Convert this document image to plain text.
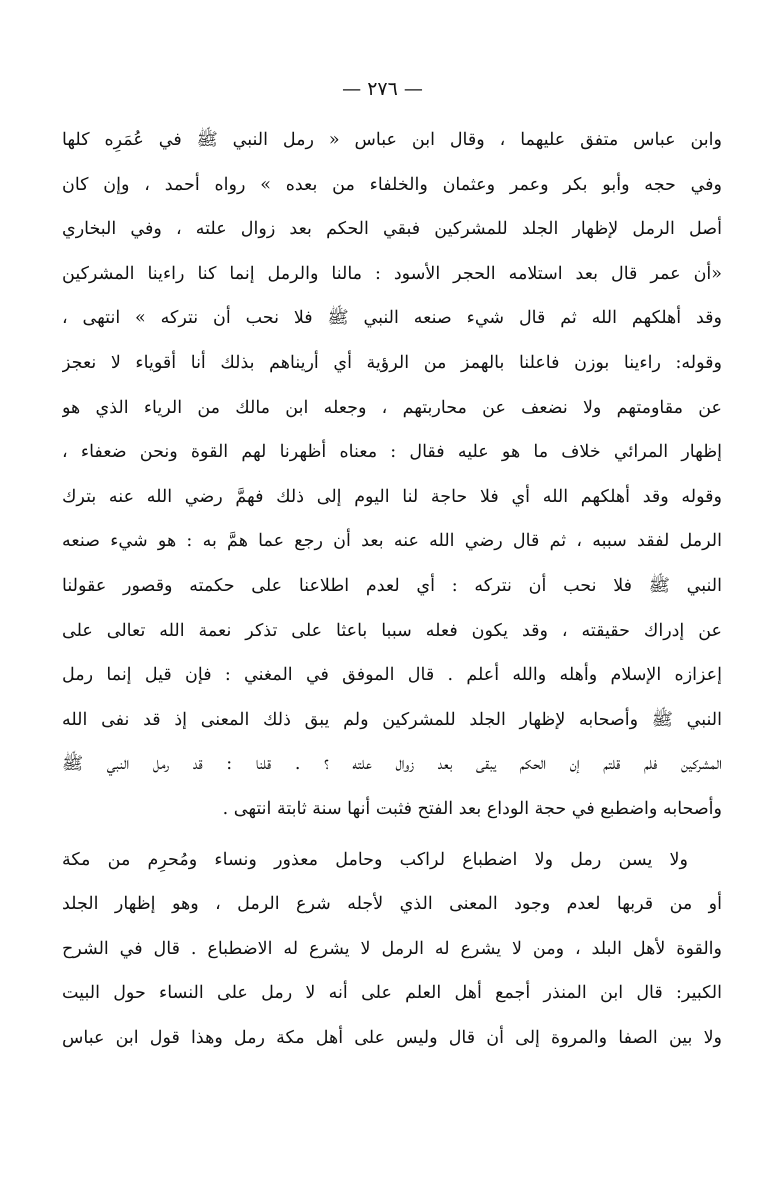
— ٢٧٦ —
وابن عباس متفق عليهما ، وقال ابن عباس « رمل النبي ﷺ في عُمَرِه كلها
وفي حجه وأبو بكر وعمر وعثمان والخلفاء من بعده » رواه أحمد ، وإن كان
أصل الرمل لإظهار الجلد للمشركين فبقي الحكم بعد زوال علته ، وفي البخاري
«أن عمر قال بعد استلامه الحجر الأسود : مالنا والرمل إنما كنا راءينا المشركين
وقد أهلكهم الله ثم قال شيء صنعه النبي ﷺ فلا نحب أن نتركه » انتهى ،
وقوله: راءينا بوزن فاعلنا بالهمز من الرؤية أي أريناهم بذلك أنا أقوياء لا نعجز
عن مقاومتهم ولا نضعف عن محاربتهم ، وجعله ابن مالك من الرياء الذي هو
إظهار المرائي خلاف ما هو عليه فقال : معناه أظهرنا لهم القوة ونحن ضعفاء ،
وقوله وقد أهلكهم الله أي فلا حاجة لنا اليوم إلى ذلك فهمَّ رضي الله عنه بترك
الرمل لفقد سببه ، ثم قال رضي الله عنه بعد أن رجع عما همَّ به : هو شيء صنعه
النبي ﷺ فلا نحب أن نتركه : أي لعدم اطلاعنا على حكمته وقصور عقولنا
عن إدراك حقيقته ، وقد يكون فعله سببا باعثا على تذكر نعمة الله تعالى على
إعزازه الإسلام وأهله والله أعلم . قال الموفق في المغني : فإن قيل إنما رمل
النبي ﷺ وأصحابه لإظهار الجلد للمشركين ولم يبق ذلك المعنى إذ قد نفى الله
المشركين فلم قلتم إن الحكم يبقى بعد زوال علته ؟ . قلنا : قد رمل النبي ﷺ
وأصحابه واضطبع في حجة الوداع بعد الفتح فثبت أنها سنة ثابتة انتهى .
ولا يسن رمل ولا اضطباع لراكب وحامل معذور ونساء ومُحرِم من مكة
أو من قربها لعدم وجود المعنى الذي لأجله شرع الرمل ، وهو إظهار الجلد
والقوة لأهل البلد ، ومن لا يشرع له الرمل لا يشرع له الاضطباع . قال في الشرح
الكبير: قال ابن المنذر أجمع أهل العلم على أنه لا رمل على النساء حول البيت
ولا بين الصفا والمروة إلى أن قال وليس على أهل مكة رمل وهذا قول ابن عباس
